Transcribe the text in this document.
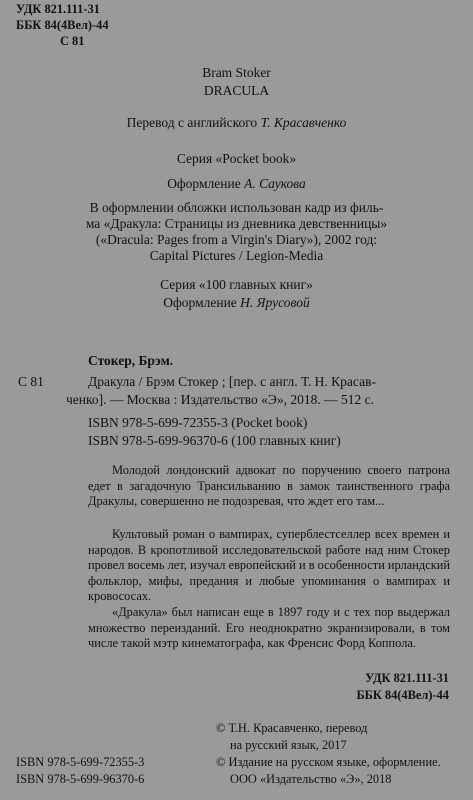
УДК 821.111-31
ББК 84(4Вел)-44
С 81
Bram Stoker
DRACULA
Перевод с английского Т. Красавченко
Серия «Pocket book»
Оформление А. Саукова
В оформлении обложки использован кадр из филь-
ма «Дракула: Страницы из дневника девственницы»
(«Dracula: Pages from a Virgin's Diary»), 2002 год:
Capital Pictures / Legion-Media
Серия «100 главных книг»
Оформление Н. Ярусовой
Стокер, Брэм.
С 81	Дракула / Брэм Стокер ; [пер. с англ. Т. Н. Красав-
ченко]. — Москва : Издательство «Э», 2018. — 512 с.
ISBN 978-5-699-72355-3 (Pocket book)
ISBN 978-5-699-96370-6 (100 главных книг)
Молодой лондонский адвокат по поручению своего патрона едет в загадочную Трансильванию в замок таинственного графа Дракулы, совершенно не подозревая, что ждет его там...
Культовый роман о вампирах, суперблестселлер всех времен и народов. В кропотливой исследовательской работе над ним Стокер провел восемь лет, изучал европейский и в особенности ирландский фольклор, мифы, предания и любые упоминания о вампирах и кровососах.
«Дракула» был написан еще в 1897 году и с тех пор выдержал множество переизданий. Его неоднократно экранизировали, в том числе такой мэтр кинематографа, как Френсис Форд Коппола.
УДК 821.111-31
ББК 84(4Вел)-44
© Т.Н. Красавченко, перевод
на русский язык, 2017
© Издание на русском языке, оформление.
ООО «Издательство «Э», 2018
ISBN 978-5-699-72355-3
ISBN 978-5-699-96370-6
